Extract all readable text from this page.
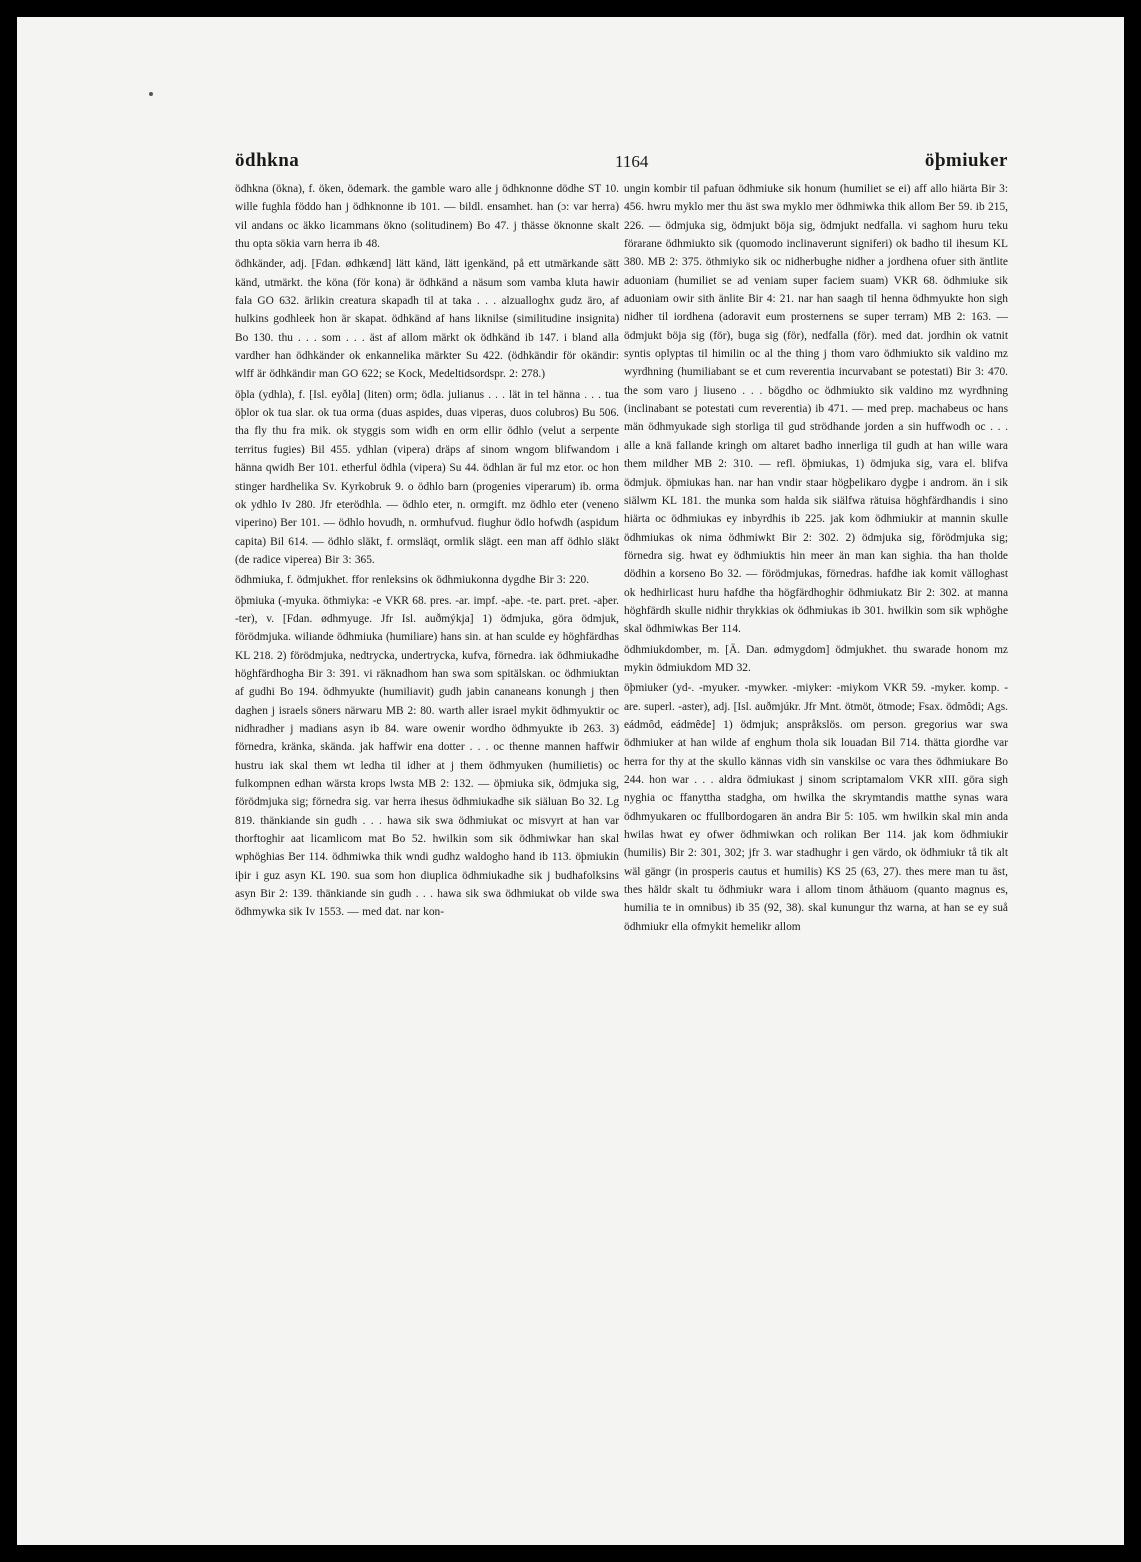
ödhkna	1164	öþmiuker

ödhkna (ökna), f. öken, ödemark. the gamble waro alle j ödhknonne dödhe ST 10. wille fughla föddo han j ödhknonne ib 101. — bildl. ensamhet. han (ɔ: var herra) vil andans oc äkko licammans ökno (solitudinem) Bo 47. j thässe öknonne skalt thu opta sökia varn herra ib 48.

ödhkänder, adj. [Fdan. ødhkænd] lätt känd, lätt igenkänd, på ett utmärkande sätt känd, utmärkt. the köna (för kona) är ödhkänd a näsum som vamba kluta hawir fala GO 632. ärlikin creatura skapadh til at taka . . . alzualloghx gudz äro, af hulkins godhleek hon är skapat. ödhkänd af hans liknilse (similitudine insignita) Bo 130. thu . . . som . . . äst af allom märkt ok ödhkänd ib 147. i bland alla vardher han ödhkänder ok enkannelika märkter Su 422. (ödhkändir för okändir: wlff är ödhkändir man GO 622; se Kock, Medeltidsordspr. 2: 278.)

öþla (ydhla), f. [Isl. eyðla] (liten) orm; ödla. julianus . . . lät in tel hänna . . . tua öþlor ok tua slar. ok tua orma (duas aspides, duas viperas, duos colubros) Bu 506. tha fly thu fra mik. ok styggis som widh en orm ellir ödhlo (velut a serpente territus fugies) Bil 455. ydhlan (vipera) dräps af sinom wngom blifwandom i hänna qwidh Ber 101. etherful ödhla (vipera) Su 44. ödhlan är ful mz etor. oc hon stinger hardhelika Sv. Kyrkobruk 9. o ödhlo barn (progenies viperarum) ib. orma ok ydhlo Iv 280. Jfr eterödhla. — ödhlo eter, n. ormgift. mz ödhlo eter (veneno viperino) Ber 101. — ödhlo hovudh, n. ormhufvud. fiughur ödlo hofwdh (aspidum capita) Bil 614. — ödhlo släkt, f. ormsläqt, ormlik slägt. een man aff ödhlo släkt (de radice viperea) Bir 3: 365.

ödhmiuka, f. ödmjukhet. ffor renleksins ok ödhmiukonna dygdhe Bir 3: 220.

öþmiuka (-myuka. öthmiyka: -e VKR 68. pres. -ar. impf. -aþe. -te. part. pret. -aþer. -ter), v. [Fdan. ødhmyuge. Jfr Isl. auðmýkja] 1) ödmjuka, göra ödmjuk, förödmjuka. wiliande ödhmiuka (humiliare) hans sin. at han sculde ey höghfärdhas KL 218. 2) förödmjuka, nedtrycka, undertrycka, kufva, förnedra. iak ödhmiukadhe höghfärdhogha Bir 3: 391. vi räknadhom han swa som spitälskan. oc ödhmiuktan af gudhi Bo 194. ödhmyukte (humiliavit) gudh jabin cananeans konungh j then daghen j israels söners närwaru MB 2: 80. warth aller israel mykit ödhmyuktir oc nidhradher j madians asyn ib 84. ware owenir wordho ödhmyukte ib 263. 3) förnedra, kränka, skända. jak haffwir ena dotter . . . oc thenne mannen haffwir hustru iak skal them wt ledha til idher at j them ödhmyuken (humilietis) oc fulkompnen edhan wärsta krops lwsta MB 2: 132. — öþmiuka sik, ödmjuka sig, förödmjuka sig; förnedra sig. var herra ihesus ödhmiukadhe sik siäluan Bo 32. Lg 819. thänkiande sin gudh . . . hawa sik swa ödhmiukat oc misvyrt at han var thorftoghir aat licamlicom mat Bo 52. hwilkin som sik ödhmiwkar han skal wphöghias Ber 114. ödhmiwka thik wndi gudhz waldogho hand ib 113. öþmiukin iþir i guz asyn KL 190. sua som hon diuplica ödhmiukadhe sik j budhafolksins asyn Bir 2: 139. thänkiande sin gudh . . . hawa sik swa ödhmiukat ob vilde swa ödhmywka sik Iv 1553. — med dat. nar kon-

ungin kombir til pafuan ödhmiuke sik honum (humiliet se ei) aff allo hiärta Bir 3: 456. hwru myklo mer thu äst swa myklo mer ödhmiwka thik allom Ber 59. ib 215, 226. — ödmjuka sig, ödmjukt böja sig, ödmjukt nedfalla. vi saghom huru teku förarane ödhmiukto sik (quomodo inclinaverunt signiferi) ok badho til ihesum KL 380. MB 2: 375. öthmiyko sik oc nidherbughe nidher a jordhena ofuer sith äntlite aduoniam (humiliet se ad veniam super faciem suam) VKR 68. ödhmiuke sik aduoniam owir sith änlite Bir 4: 21. nar han saagh til henna ödhmyukte hon sigh nidher til iordhena (adoravit eum prosternens se super terram) MB 2: 163. — ödmjukt böja sig (för), buga sig (för), nedfalla (för). med dat. jordhin ok vatnit syntis oplyptas til himilin oc al the thing j thom varo ödhmiukto sik valdino mz wyrdhning (humiliabant se et cum reverentia incurvabant se potestati) Bir 3: 470. the som varo j liuseno . . . bögdho oc ödhmiukto sik valdino mz wyrdhning (inclinabant se potestati cum reverentia) ib 471. — med prep. machabeus oc hans män ödhmyukade sigh storliga til gud strödhande jorden a sin huffwodh oc . . . alle a knä fallande kringh om altaret badho innerliga til gudh at han wille wara them mildher MB 2: 310. — refl. öþmiukas, 1) ödmjuka sig, vara el. blifva ödmjuk. öþmiukas han. nar han vndir staar högþelikaro dygþe i androm. än i sik siälwm KL 181. the munka som halda sik siälfwa rätuisa höghfärdhandis i sino hiärta oc ödhmiukas ey inbyrdhis ib 225. jak kom ödhmiukir at mannin skulle ödhmiukas ok nima ödhmiwkt Bir 2: 302. 2) ödmjuka sig, förödmjuka sig; förnedra sig. hwat ey ödhmiuktis hin meer än man kan sighia. tha han tholde dödhin a korseno Bo 32. — förödmjukas, förnedras. hafdhe iak komit välloghast ok hedhirlicast huru hafdhe tha högfärdhoghir ödhmiukatz Bir 2: 302. at manna höghfärdh skulle nidhir thrykkias ok ödhmiukas ib 301. hwilkin som sik wphöghe skal ödhmiwkas Ber 114.

ödhmiukdomber, m. [Ä. Dan. ødmygdom] ödmjukhet. thu swarade honom mz mykin ödmiukdom MD 32.

öþmiuker (yd-. -myuker. -mywker. -miyker: -miykom VKR 59. -myker. komp. -are. superl. -aster), adj. [Isl. auðmjúkr. Jfr Mnt. ötmöt, ötmode; Fsax. ödmôdi; Ags. eádmôd, eádmêde] 1) ödmjuk; anspråkslös. om person. gregorius war swa ödhmiuker at han wilde af enghum thola sik louadan Bil 714. thätta giordhe var herra for thy at the skullo kännas vidh sin vanskilse oc vara thes ödhmiukare Bo 244. hon war . . . aldra ödmiukast j sinom scriptamalom VKR xIII. göra sigh nyghia oc ffanyttha stadgha, om hwilka the skrymtandis matthe synas wara ödhmyukaren oc ffullbordogaren än andra Bir 5: 105. wm hwilkin skal min anda hwilas hwat ey ofwer ödhmiwkan och rolikan Ber 114. jak kom ödhmiukir (humilis) Bir 2: 301, 302; jfr 3. war stadhughr i gen värdo, ok ödhmiukr tå tik alt wäl gängr (in prosperis cautus et humilis) KS 25 (63, 27). thes mere man tu äst, thes häldr skalt tu ödhmiukr wara i allom tinom åthäuom (quanto magnus es, humilia te in omnibus) ib 35 (92, 38). skal kunungur thz warna, at han se ey suå ödhmiukr ella ofmykit hemelikr allom
